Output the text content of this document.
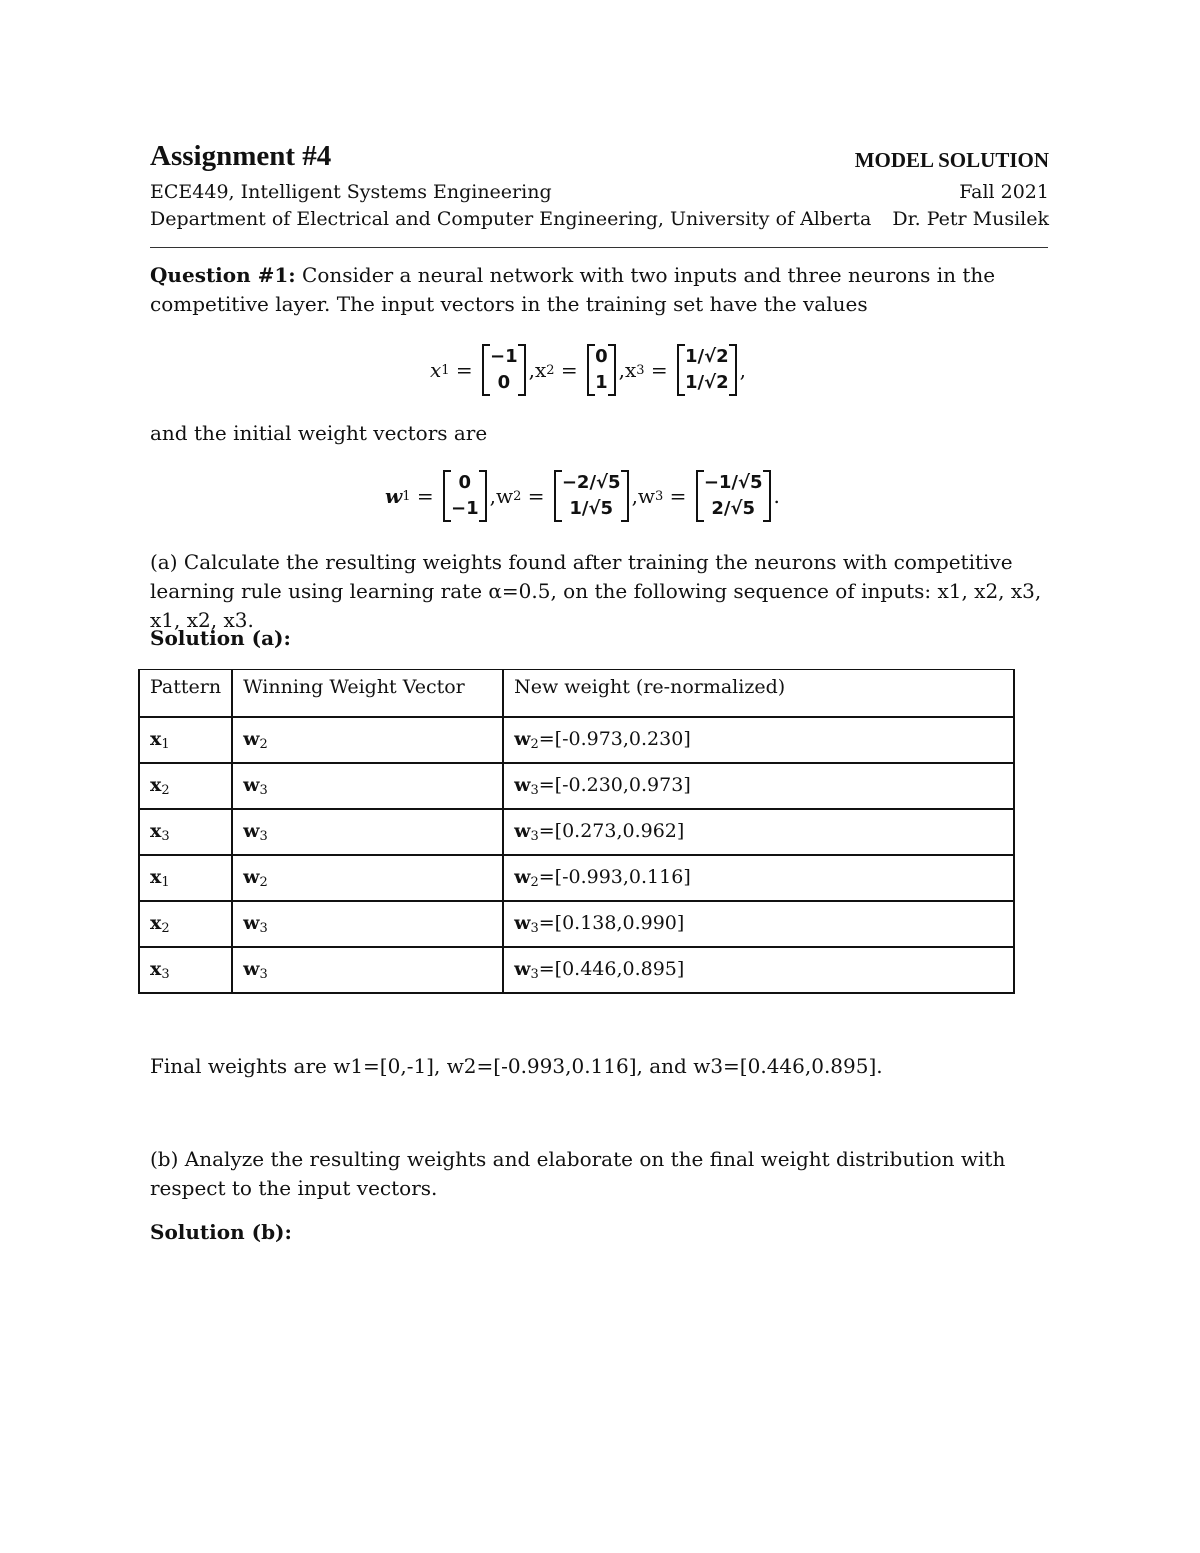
Assignment #4	MODEL SOLUTION
ECE449, Intelligent Systems Engineering	Fall 2021
Department of Electrical and Computer Engineering, University of Alberta Dr. Petr Musilek
Question #1: Consider a neural network with two inputs and three neurons in the competitive layer. The input vectors in the training set have the values
x 1 =
−1
0
, x 2 =
0
1
, x 3 =
1/√2
1/√2
,
and the initial weight vectors are
w 1 =
0
−1
, w 2 =
−2/√5
1/√5
, w 3 =
−1/√5
2/√5
.
(a) Calculate the resulting weights found after training the neurons with competitive learning rule using learning rate α=0.5, on the following sequence of inputs: x1, x2, x3, x1, x2, x3.
Solution (a):
Pattern	Winning Weight Vector	New weight (re-normalized)
x1	w2	w2=[-0.973,0.230]
x2	w3	w3=[-0.230,0.973]
x3	w3	w3=[0.273,0.962]
x1	w2	w2=[-0.993,0.116]
x2	w3	w3=[0.138,0.990]
x3	w3	w3=[0.446,0.895]
Final weights are w1=[0,-1], w2=[-0.993,0.116], and w3=[0.446,0.895].
(b) Analyze the resulting weights and elaborate on the final weight distribution with respect to the input vectors.
Solution (b):
